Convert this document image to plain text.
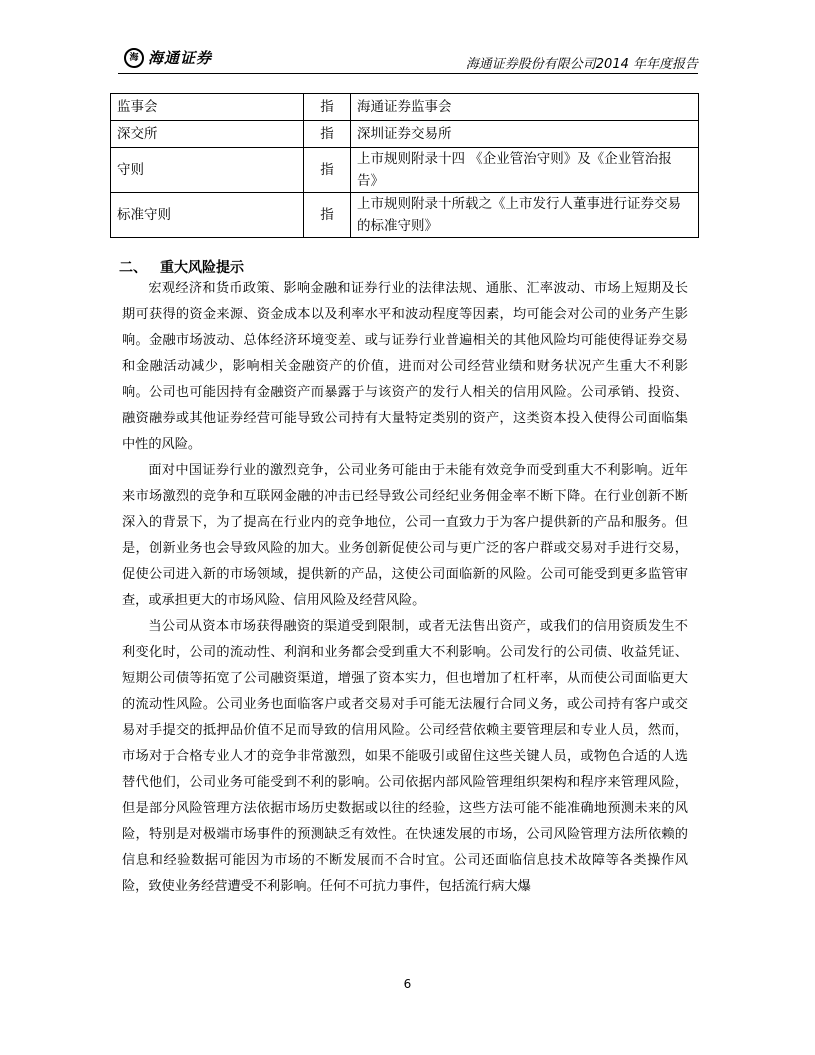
海 海通证券	海通证券股份有限公司2014 年年度报告
监事会	指	海通证券监事会
深交所	指	深圳证券交易所
守则	指	上市规则附录十四 《企业管治守则》及《企业管治报告》
标准守则	指	上市规则附录十所载之《上市发行人董事进行证券交易的标准守则》
二、 重大风险提示

宏观经济和货币政策、影响金融和证券行业的法律法规、通胀、汇率波动、市场上短期及长期可获得的资金来源、资金成本以及利率水平和波动程度等因素，均可能会对公司的业务产生影响。金融市场波动、总体经济环境变差、或与证券行业普遍相关的其他风险均可能使得证券交易和金融活动减少，影响相关金融资产的价值，进而对公司经营业绩和财务状况产生重大不利影响。公司也可能因持有金融资产而暴露于与该资产的发行人相关的信用风险。公司承销、投资、融资融券或其他证券经营可能导致公司持有大量特定类别的资产，这类资本投入使得公司面临集中性的风险。

面对中国证券行业的激烈竞争，公司业务可能由于未能有效竞争而受到重大不利影响。近年来市场激烈的竞争和互联网金融的冲击已经导致公司经纪业务佣金率不断下降。在行业创新不断深入的背景下，为了提高在行业内的竞争地位，公司一直致力于为客户提供新的产品和服务。但是，创新业务也会导致风险的加大。业务创新促使公司与更广泛的客户群或交易对手进行交易，促使公司进入新的市场领域，提供新的产品，这使公司面临新的风险。公司可能受到更多监管审查，或承担更大的市场风险、信用风险及经营风险。

当公司从资本市场获得融资的渠道受到限制，或者无法售出资产，或我们的信用资质发生不利变化时，公司的流动性、利润和业务都会受到重大不利影响。公司发行的公司债、收益凭证、短期公司债等拓宽了公司融资渠道，增强了资本实力，但也增加了杠杆率，从而使公司面临更大的流动性风险。公司业务也面临客户或者交易对手可能无法履行合同义务，或公司持有客户或交易对手提交的抵押品价值不足而导致的信用风险。公司经营依赖主要管理层和专业人员，然而，市场对于合格专业人才的竞争非常激烈，如果不能吸引或留住这些关键人员，或物色合适的人选替代他们，公司业务可能受到不利的影响。公司依据内部风险管理组织架构和程序来管理风险，但是部分风险管理方法依据市场历史数据或以往的经验，这些方法可能不能准确地预测未来的风险，特别是对极端市场事件的预测缺乏有效性。在快速发展的市场，公司风险管理方法所依赖的信息和经验数据可能因为市场的不断发展而不合时宜。公司还面临信息技术故障等各类操作风险，致使业务经营遭受不利影响。任何不可抗力事件，包括流行病大爆

6
